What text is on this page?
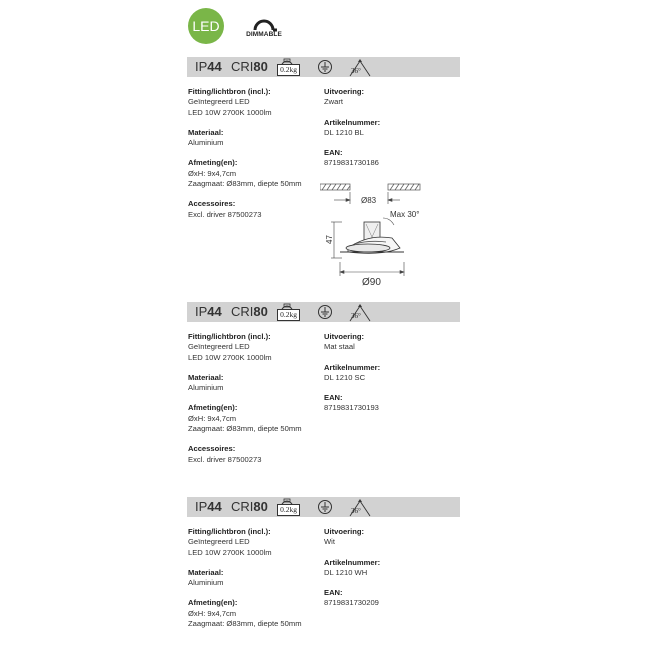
LED
DIMMABLE
IP44 CRI80	0.2kg	36°
Fitting/lichtbron (incl.):
Geïntegreerd LED
LED 10W 2700K 1000lm
Materiaal:
Aluminium
Afmeting(en):
ØxH: 9x4,7cm
Zaagmaat: Ø83mm, diepte 50mm
Accessoires:
Excl. driver 87500273
Uitvoering:
Zwart
Artikelnummer:
DL 1210 BL
EAN:
8719831730186
IP44 CRI80	0.2kg	36°
Fitting/lichtbron (incl.):
Geïntegreerd LED
LED 10W 2700K 1000lm
Materiaal:
Aluminium
Afmeting(en):
ØxH: 9x4,7cm
Zaagmaat: Ø83mm, diepte 50mm
Accessoires:
Excl. driver 87500273
Uitvoering:
Mat staal
Artikelnummer:
DL 1210 SC
EAN:
8719831730193
IP44 CRI80	0.2kg	36°
Fitting/lichtbron (incl.):
Geïntegreerd LED
LED 10W 2700K 1000lm
Materiaal:
Aluminium
Afmeting(en):
ØxH: 9x4,7cm
Zaagmaat: Ø83mm, diepte 50mm
Uitvoering:
Wit
Artikelnummer:
DL 1210 WH
EAN:
8719831730209
Ø83
Max 30°
47
Ø90
